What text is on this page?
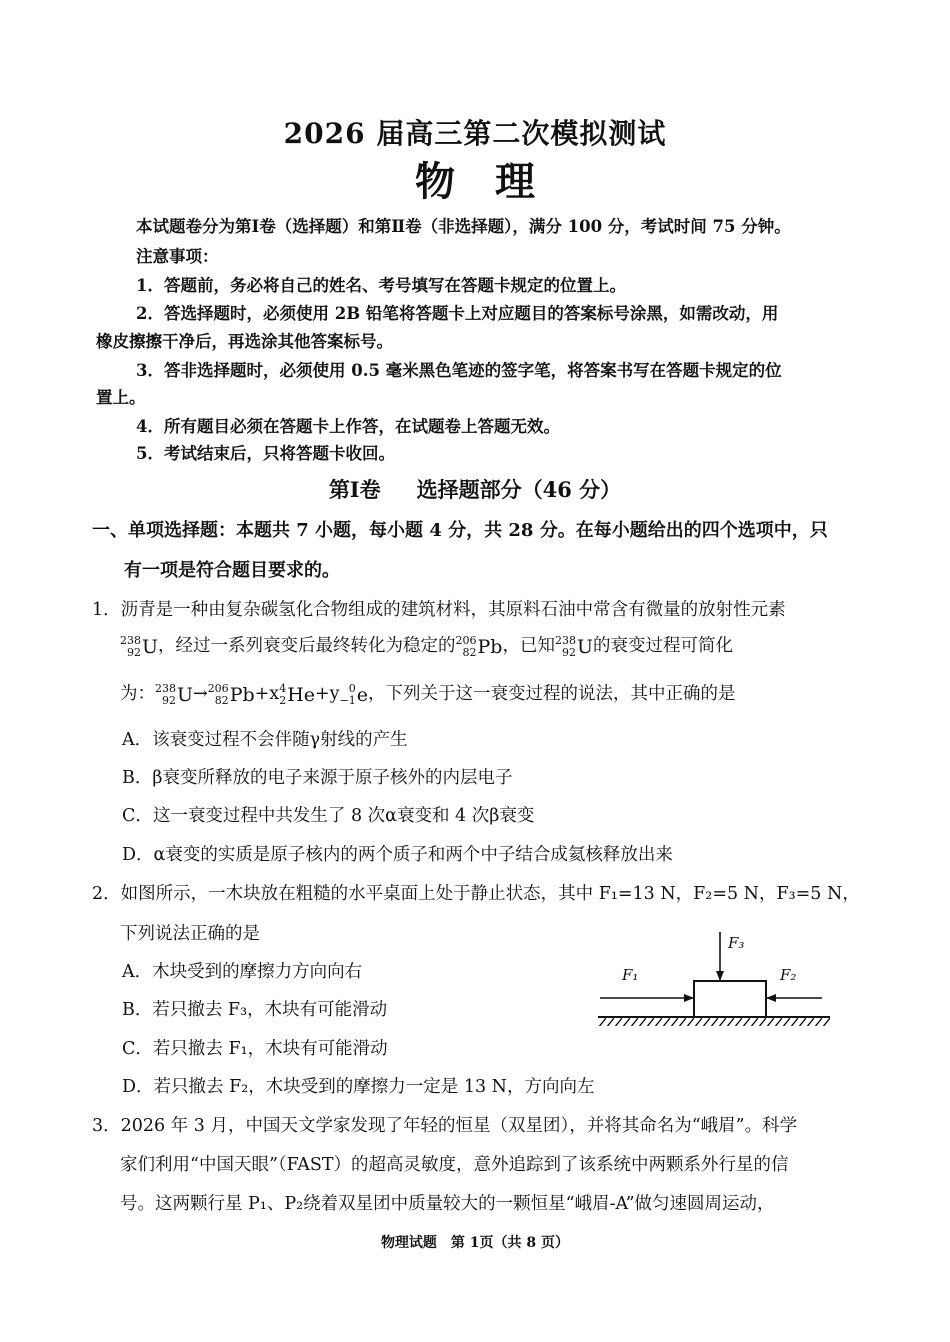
2026 届高三第二次模拟测试
物理
本试题卷分为第Ⅰ卷（选择题）和第Ⅱ卷（非选择题），满分 100 分，考试时间 75 分钟。
注意事项：
1．答题前，务必将自己的姓名、考号填写在答题卡规定的位置上。
2．答选择题时，必须使用 2B 铅笔将答题卡上对应题目的答案标号涂黑，如需改动，用
橡皮擦擦干净后，再选涂其他答案标号。
3．答非选择题时，必须使用 0.5 毫米黑色笔迹的签字笔，将答案书写在答题卡规定的位
置上。
4．所有题目必须在答题卡上作答，在试题卷上答题无效。
5．考试结束后，只将答题卡收回。
第Ⅰ卷 选择题部分（46 分）
一、单项选择题：本题共 7 小题，每小题 4 分，共 28 分。在每小题给出的四个选项中，只
有一项是符合题目要求的。
1．沥青是一种由复杂碳氢化合物组成的建筑材料，其原料石油中常含有微量的放射性元素
238
92 U，经过一系列衰变后最终转化为稳定的 206
82 Pb，已知 238
92 U的衰变过程可简化
为： 238
92 U→ 206
82 Pb+x 4
2 He+y 0
−1 e，下列关于这一衰变过程的说法，其中正确的是
A．该衰变过程不会伴随γ射线的产生
B．β衰变所释放的电子来源于原子核外的内层电子
C．这一衰变过程中共发生了 8 次α衰变和 4 次β衰变
D．α衰变的实质是原子核内的两个质子和两个中子结合成氦核释放出来
2．如图所示，一木块放在粗糙的水平桌面上处于静止状态，其中 F₁=13 N，F₂=5 N，F₃=5 N，
下列说法正确的是
A．木块受到的摩擦力方向向右
B．若只撤去 F₃，木块有可能滑动
C．若只撤去 F₁，木块有可能滑动
D．若只撤去 F₂，木块受到的摩擦力一定是 13 N，方向向左
F₁	F₂
F₃
3．2026 年 3 月，中国天文学家发现了年轻的恒星（双星团），并将其命名为“峨眉”。科学
家们利用“中国天眼”（FAST）的超高灵敏度，意外追踪到了该系统中两颗系外行星的信
号。这两颗行星 P₁、P₂绕着双星团中质量较大的一颗恒星“峨眉-A”做匀速圆周运动，
物理试题　第 1页（共 8 页）
